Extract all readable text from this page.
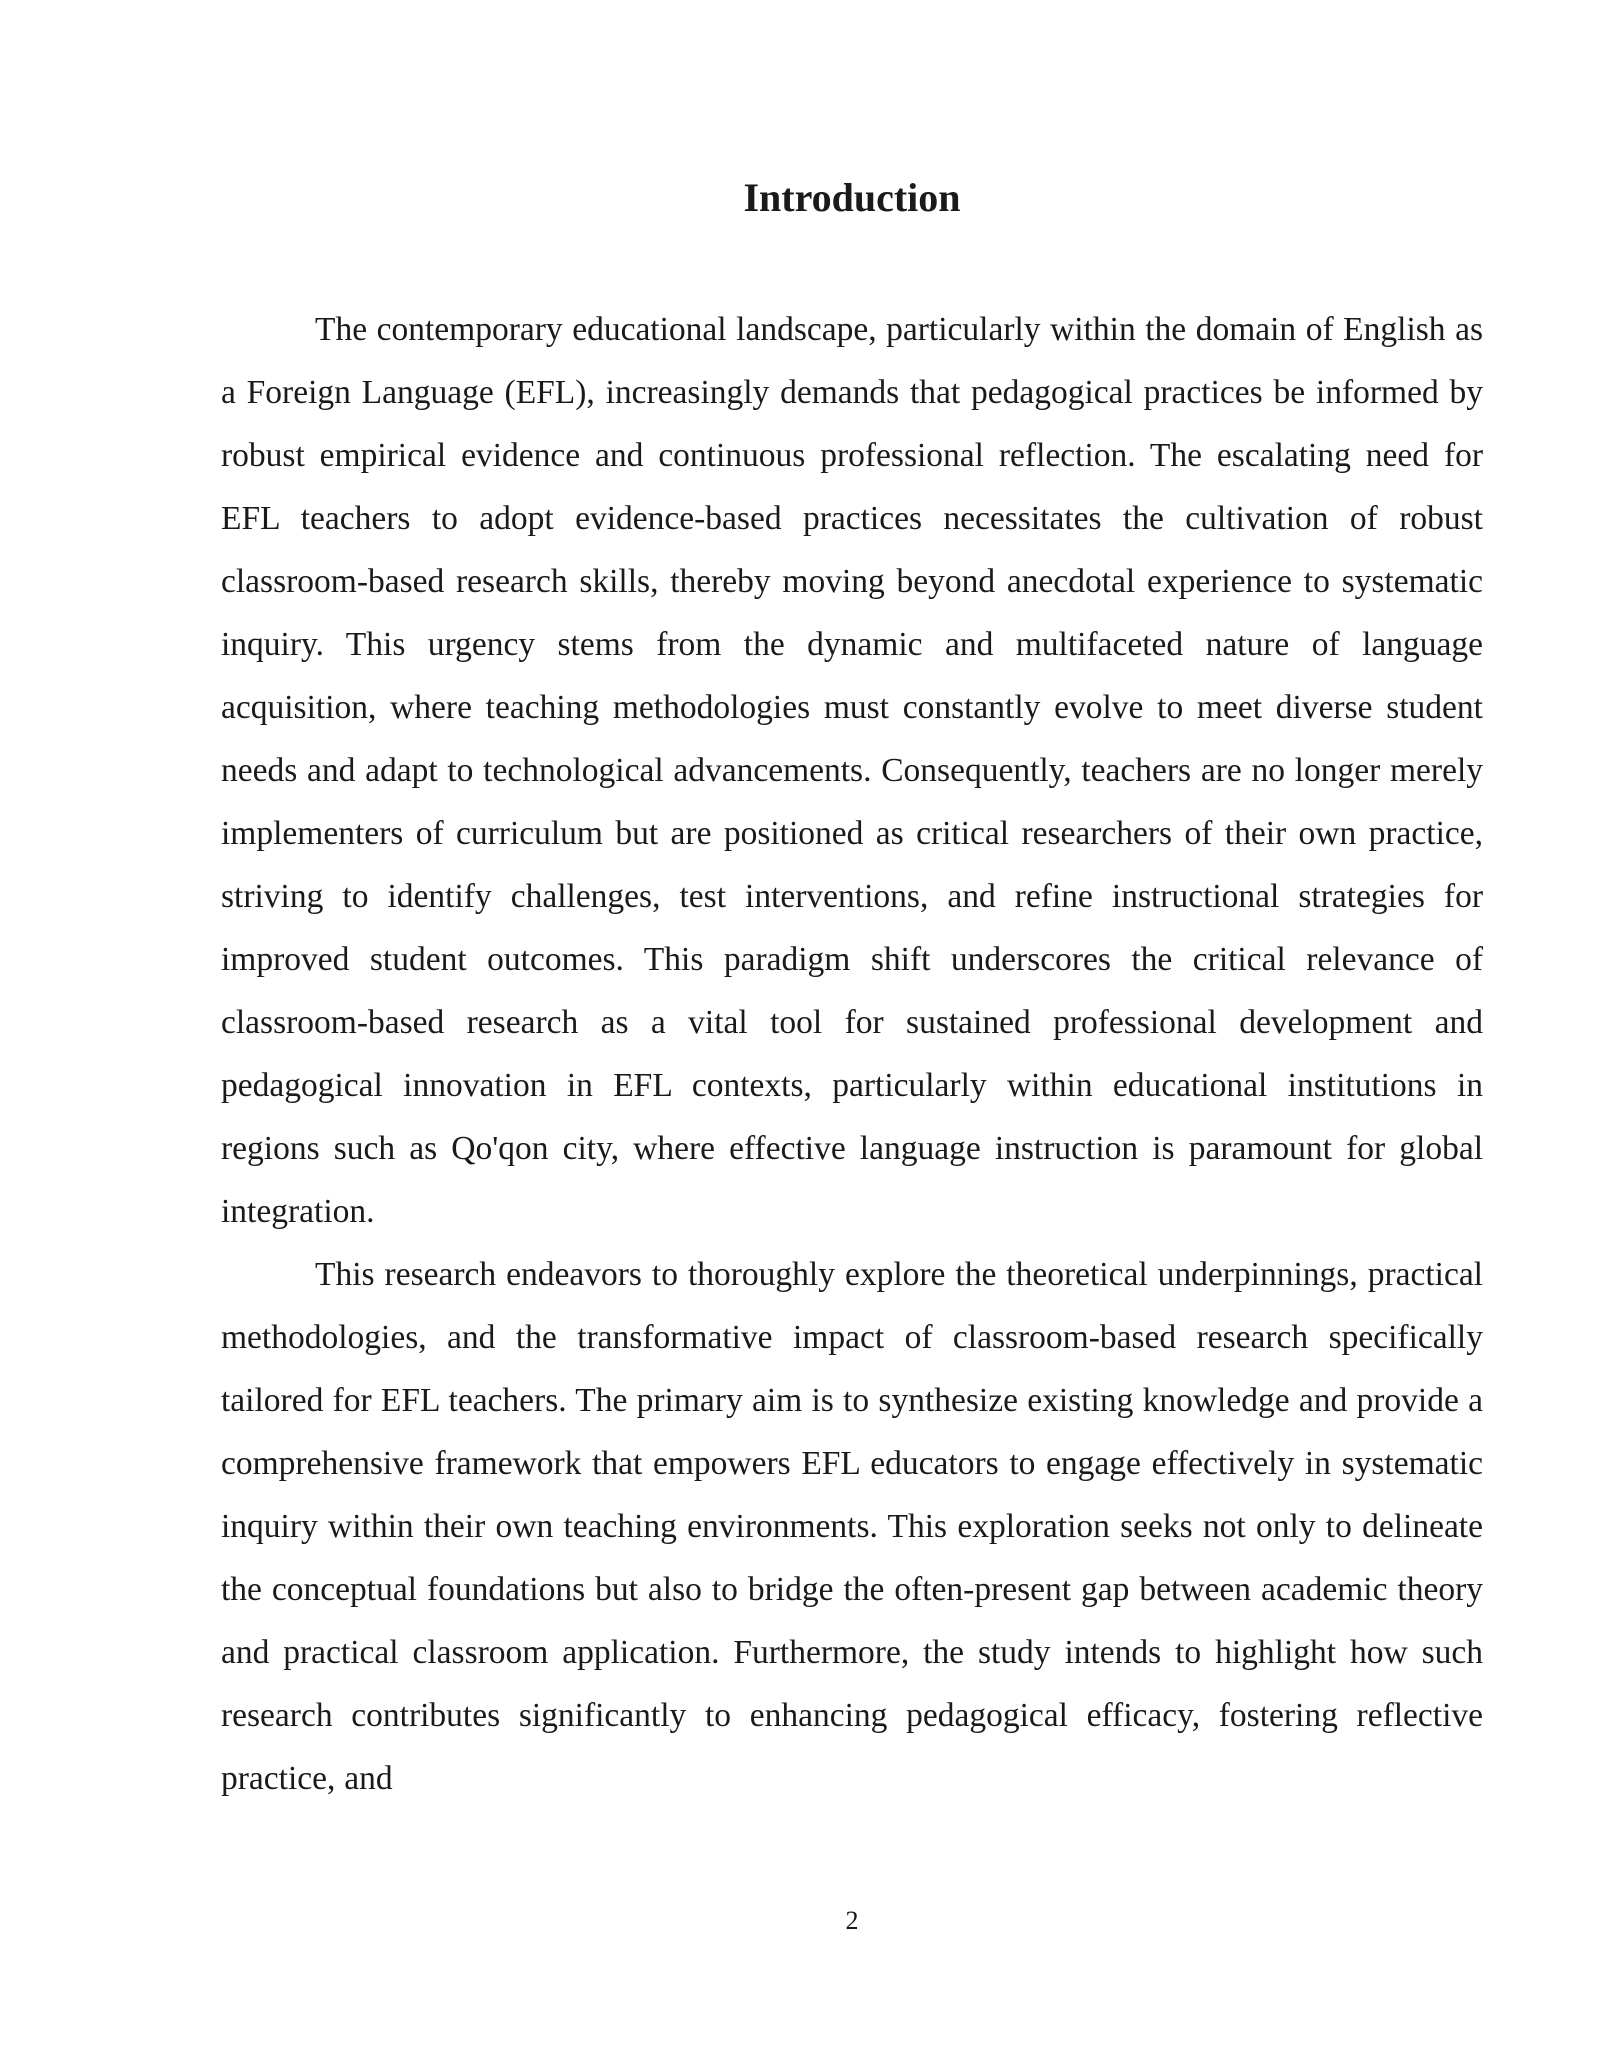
Introduction

The contemporary educational landscape, particularly within the domain of English as a Foreign Language (EFL), increasingly demands that pedagogical practices be informed by robust empirical evidence and continuous professional reflection. The escalating need for EFL teachers to adopt evidence-based practices necessitates the cultivation of robust classroom-based research skills, thereby moving beyond anecdotal experience to systematic inquiry. This urgency stems from the dynamic and multifaceted nature of language acquisition, where teaching methodologies must constantly evolve to meet diverse student needs and adapt to technological advancements. Consequently, teachers are no longer merely implementers of curriculum but are positioned as critical researchers of their own practice, striving to identify challenges, test interventions, and refine instructional strategies for improved student outcomes. This paradigm shift underscores the critical relevance of classroom-based research as a vital tool for sustained professional development and pedagogical innovation in EFL contexts, particularly within educational institutions in regions such as Qo'qon city, where effective language instruction is paramount for global integration.

This research endeavors to thoroughly explore the theoretical underpinnings, practical methodologies, and the transformative impact of classroom-based research specifically tailored for EFL teachers. The primary aim is to synthesize existing knowledge and provide a comprehensive framework that empowers EFL educators to engage effectively in systematic inquiry within their own teaching environments. This exploration seeks not only to delineate the conceptual foundations but also to bridge the often-present gap between academic theory and practical classroom application. Furthermore, the study intends to highlight how such research contributes significantly to enhancing pedagogical efficacy, fostering reflective practice, and

2
